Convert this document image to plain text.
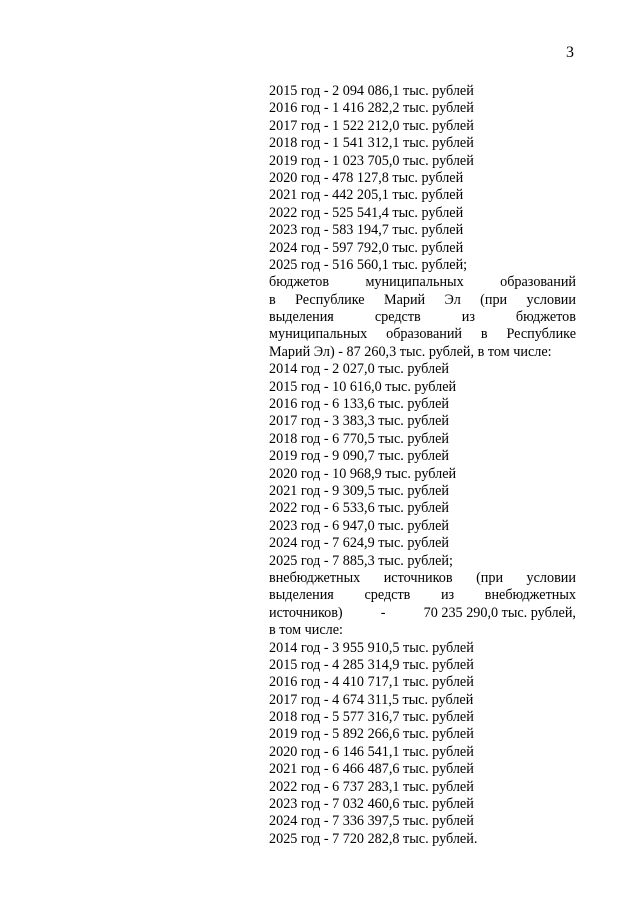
3
2015 год - 2 094 086,1 тыс. рублей
2016 год - 1 416 282,2 тыс. рублей
2017 год - 1 522 212,0 тыс. рублей
2018 год - 1 541 312,1 тыс. рублей
2019 год - 1 023 705,0 тыс. рублей
2020 год - 478 127,8 тыс. рублей
2021 год - 442 205,1 тыс. рублей
2022 год - 525 541,4 тыс. рублей
2023 год - 583 194,7 тыс. рублей
2024 год - 597 792,0 тыс. рублей
2025 год - 516 560,1 тыс. рублей;
бюджетов	муниципальных	образований
в Республике Марий Эл (при условии
выделения	средств	из	бюджетов
муниципальных образований в Республике
Марий Эл) - 87 260,3 тыс. рублей, в том числе:
2014 год - 2 027,0 тыс. рублей
2015 год - 10 616,0 тыс. рублей
2016 год - 6 133,6 тыс. рублей
2017 год - 3 383,3 тыс. рублей
2018 год - 6 770,5 тыс. рублей
2019 год - 9 090,7 тыс. рублей
2020 год - 10 968,9 тыс. рублей
2021 год - 9 309,5 тыс. рублей
2022 год - 6 533,6 тыс. рублей
2023 год - 6 947,0 тыс. рублей
2024 год - 7 624,9 тыс. рублей
2025 год - 7 885,3 тыс. рублей;
внебюджетных источников (при условии
выделения средств из внебюджетных
источников)	-	70 235 290,0 тыс. рублей,
в том числе:
2014 год - 3 955 910,5 тыс. рублей
2015 год - 4 285 314,9 тыс. рублей
2016 год - 4 410 717,1 тыс. рублей
2017 год - 4 674 311,5 тыс. рублей
2018 год - 5 577 316,7 тыс. рублей
2019 год - 5 892 266,6 тыс. рублей
2020 год - 6 146 541,1 тыс. рублей
2021 год - 6 466 487,6 тыс. рублей
2022 год - 6 737 283,1 тыс. рублей
2023 год - 7 032 460,6 тыс. рублей
2024 год - 7 336 397,5 тыс. рублей
2025 год - 7 720 282,8 тыс. рублей.
